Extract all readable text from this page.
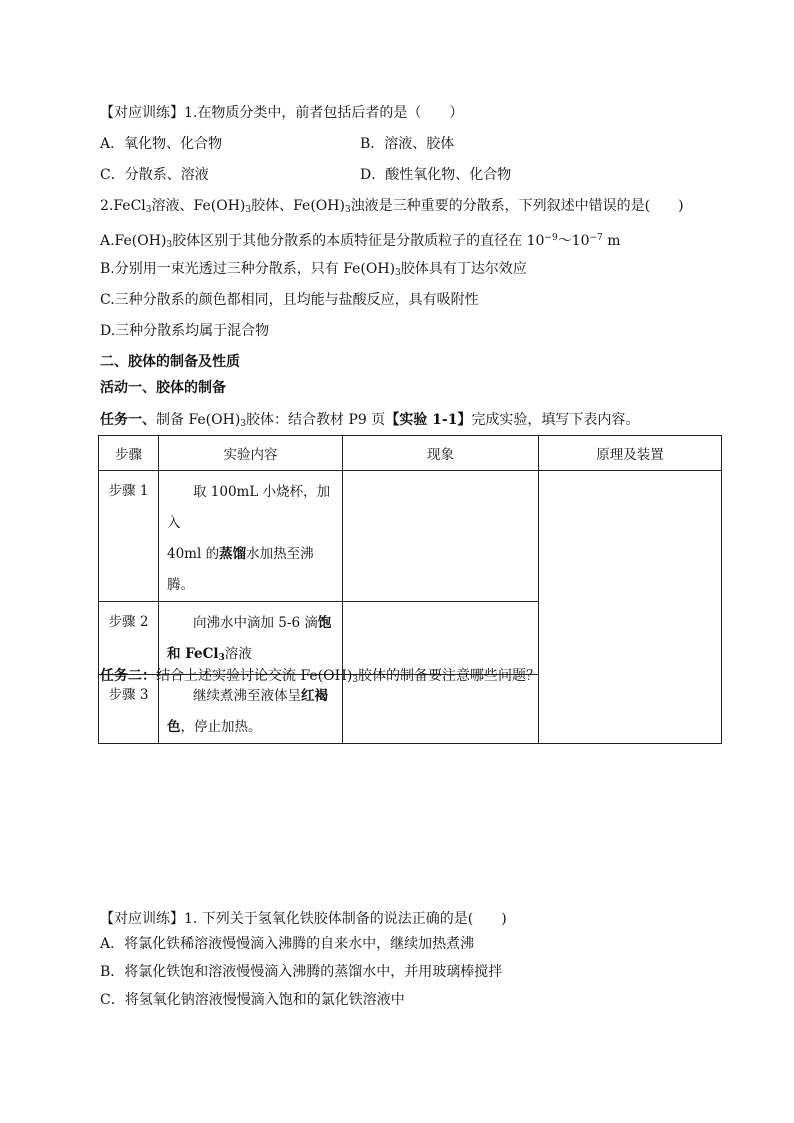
【对应训练】1.在物质分类中，前者包括后者的是（　　）
A．氧化物、化合物	B．溶液、胶体
C．分散系、溶液	D．酸性氧化物、化合物
2.FeCl$_3$溶液、$Fe(OH)_3$胶体、$Fe(OH)_3$浊液是三种重要的分散系，下列叙述中错误的是(　　)
$A.Fe(OH)_3$胶体区别于其他分散系的本质特征是分散质粒子的直径在 $10^{-9}\sim 10^{-7}$ m
B.分别用一束光透过三种分散系，只有 $Fe(OH)_3$胶体具有丁达尔效应
C.三种分散系的颜色都相同，且均能与盐酸反应，具有吸附性
D.三种分散系均属于混合物
二、胶体的制备及性质
活动一、胶体的制备
任务一、制备 $Fe(OH)_3$胶体：结合教材 P9 页【实验 1-1】完成实验，填写下表内容。
步骤	实验内容	现象	原理及装置
步骤 1	取 100mL 小烧杯，加入
40ml 的蒸馏水加热至沸腾。		
步骤 2	向沸水中滴加 5-6 滴饱
和 FeCl$_3$溶液		
步骤 3	继续煮沸至液体呈红褐
色，停止加热。		
任务二：结合上述实验讨论交流 $Fe(OH)_3$胶体的制备要注意哪些问题？
【对应训练】1. 下列关于氢氧化铁胶体制备的说法正确的是(　　)
A．将氯化铁稀溶液慢慢滴入沸腾的自来水中，继续加热煮沸
B．将氯化铁饱和溶液慢慢滴入沸腾的蒸馏水中，并用玻璃棒搅拌
C．将氢氧化钠溶液慢慢滴入饱和的氯化铁溶液中
